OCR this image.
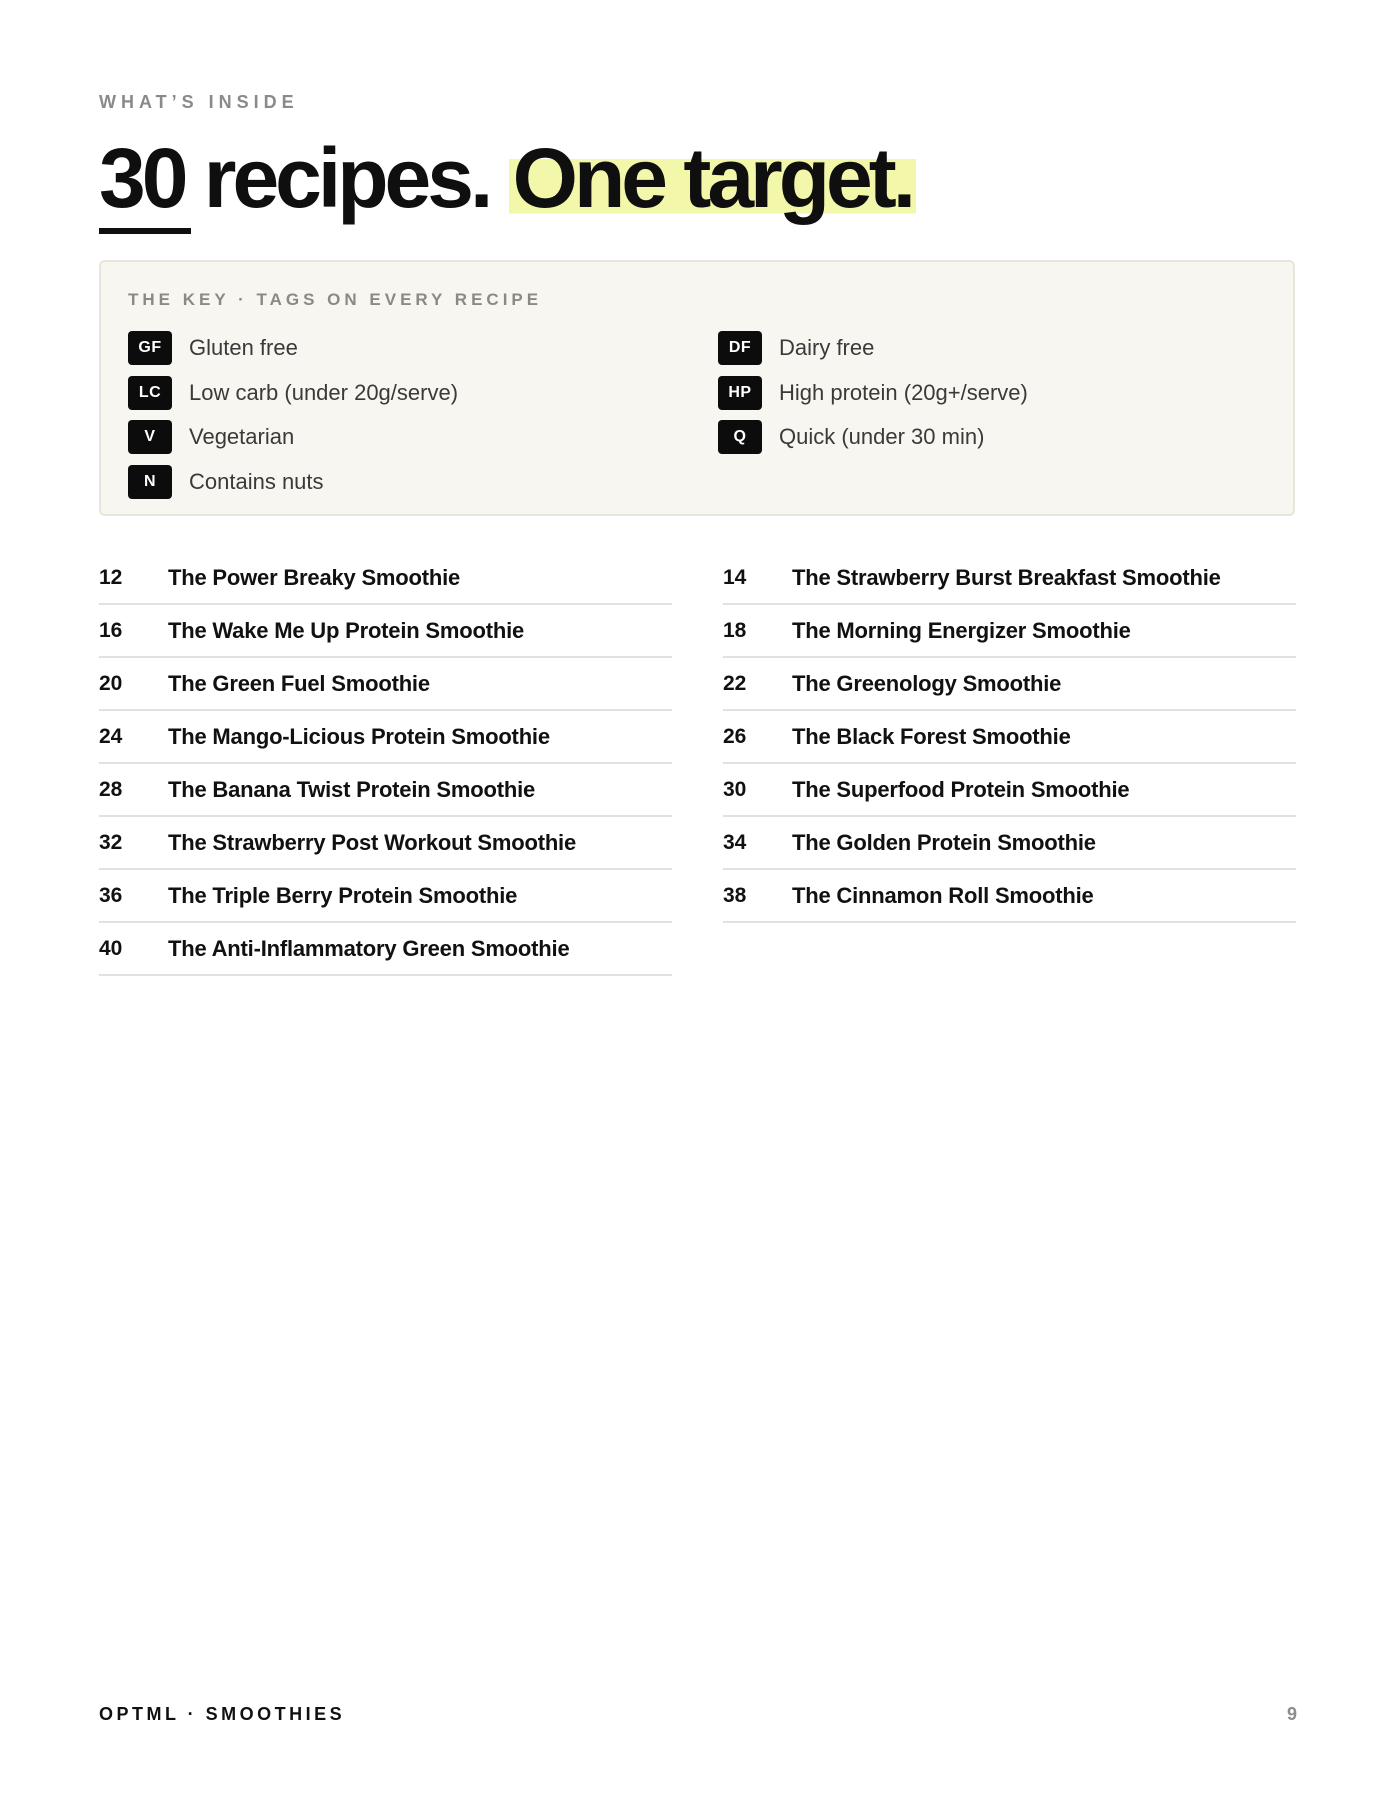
WHAT’S INSIDE
30 recipes. One target.
THE KEY · TAGS ON EVERY RECIPE
GF	Gluten free
LC	Low carb (under 20g/serve)
V	Vegetarian
N	Contains nuts
DF	Dairy free
HP	High protein (20g+/serve)
Q	Quick (under 30 min)
12	The Power Breaky Smoothie
16	The Wake Me Up Protein Smoothie
20	The Green Fuel Smoothie
24	The Mango-Licious Protein Smoothie
28	The Banana Twist Protein Smoothie
32	The Strawberry Post Workout Smoothie
36	The Triple Berry Protein Smoothie
40	The Anti-Inflammatory Green Smoothie
14	The Strawberry Burst Breakfast Smoothie
18	The Morning Energizer Smoothie
22	The Greenology Smoothie
26	The Black Forest Smoothie
30	The Superfood Protein Smoothie
34	The Golden Protein Smoothie
38	The Cinnamon Roll Smoothie
OPTML · SMOOTHIES	9
